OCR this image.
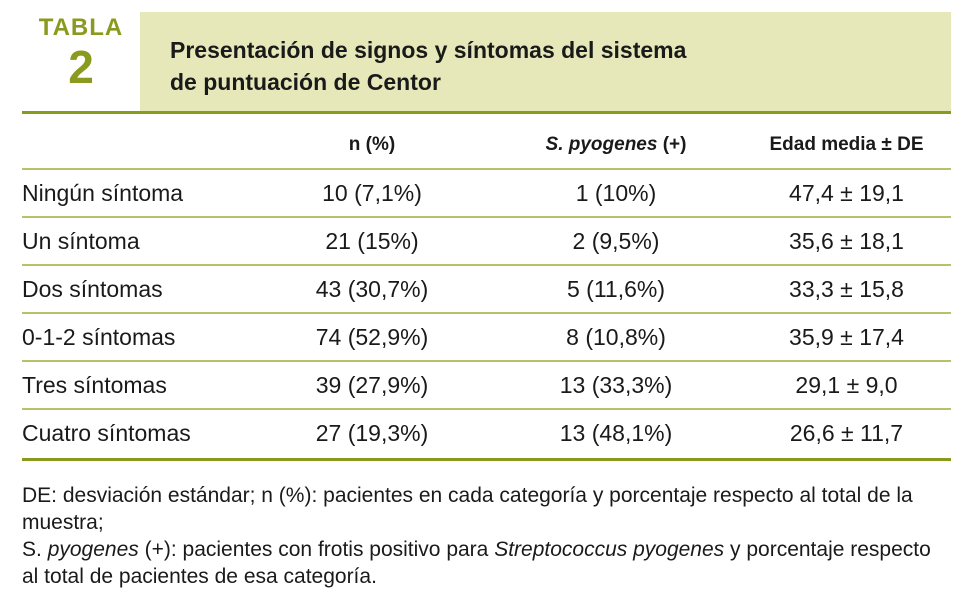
TABLA
2	Presentación de signos y síntomas del sistema
de puntuación de Centor
	n (%)	S. pyogenes (+)	Edad media ± DE
Ningún síntoma	10 (7,1%)	1 (10%)	47,4 ± 19,1
Un síntoma	21 (15%)	2 (9,5%)	35,6 ± 18,1
Dos síntomas	43 (30,7%)	5 (11,6%)	33,3 ± 15,8
0-1-2 síntomas	74 (52,9%)	8 (10,8%)	35,9 ± 17,4
Tres síntomas	39 (27,9%)	13 (33,3%)	29,1 ± 9,0
Cuatro síntomas	27 (19,3%)	13 (48,1%)	26,6 ± 11,7

DE: desviación estándar; n (%): pacientes en cada categoría y porcentaje respecto al total de la muestra;

S. pyogenes (+): pacientes con frotis positivo para Streptococcus pyogenes y porcentaje respecto al total de pacientes de esa categoría.
